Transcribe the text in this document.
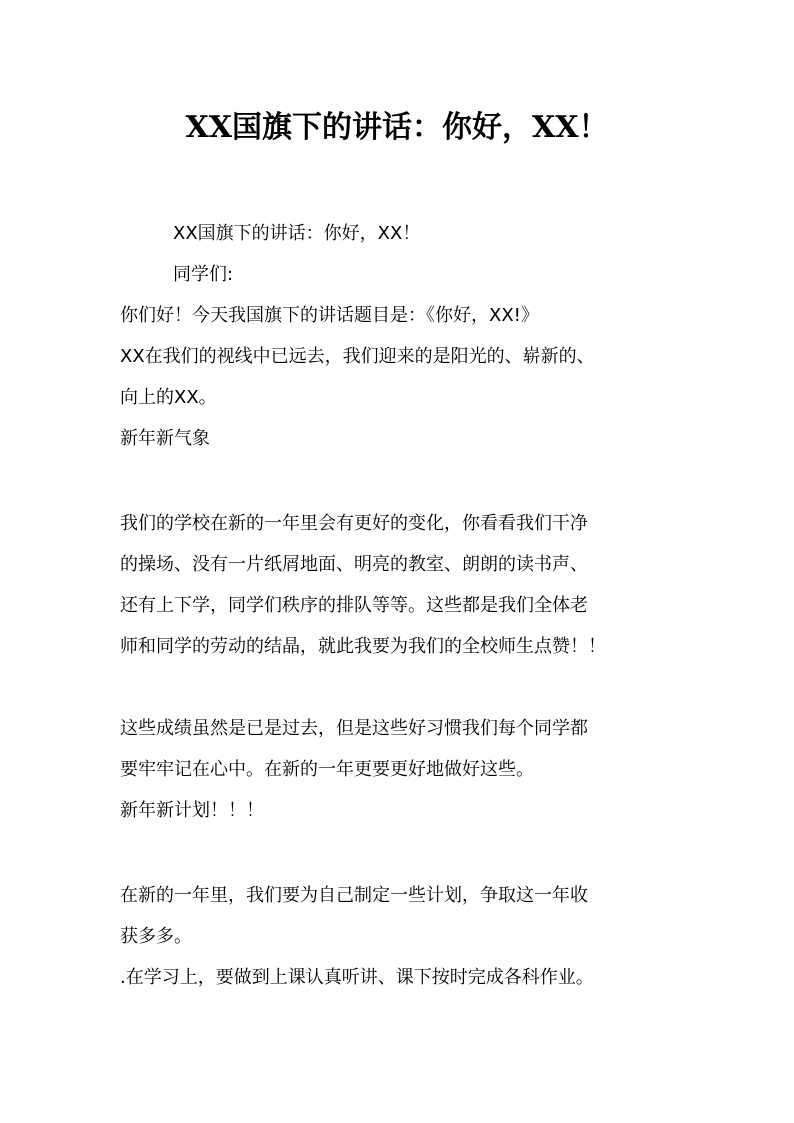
XX国旗下的讲话：你好，XX！
XX国旗下的讲话：你好，XX！
同学们:
你们好！今天我国旗下的讲话题目是：《你好，XX!》
XX在我们的视线中已远去，我们迎来的是阳光的、崭新的、
向上的XX。
新年新气象
我们的学校在新的一年里会有更好的变化，你看看我们干净
的操场、没有一片纸屑地面、明亮的教室、朗朗的读书声、
还有上下学，同学们秩序的排队等等。这些都是我们全体老
师和同学的劳动的结晶，就此我要为我们的全校师生点赞！！
这些成绩虽然是已是过去，但是这些好习惯我们每个同学都
要牢牢记在心中。在新的一年更要更好地做好这些。
新年新计划！！！
在新的一年里，我们要为自己制定一些计划，争取这一年收
获多多。
.在学习上，要做到上课认真听讲、课下按时完成各科作业。
